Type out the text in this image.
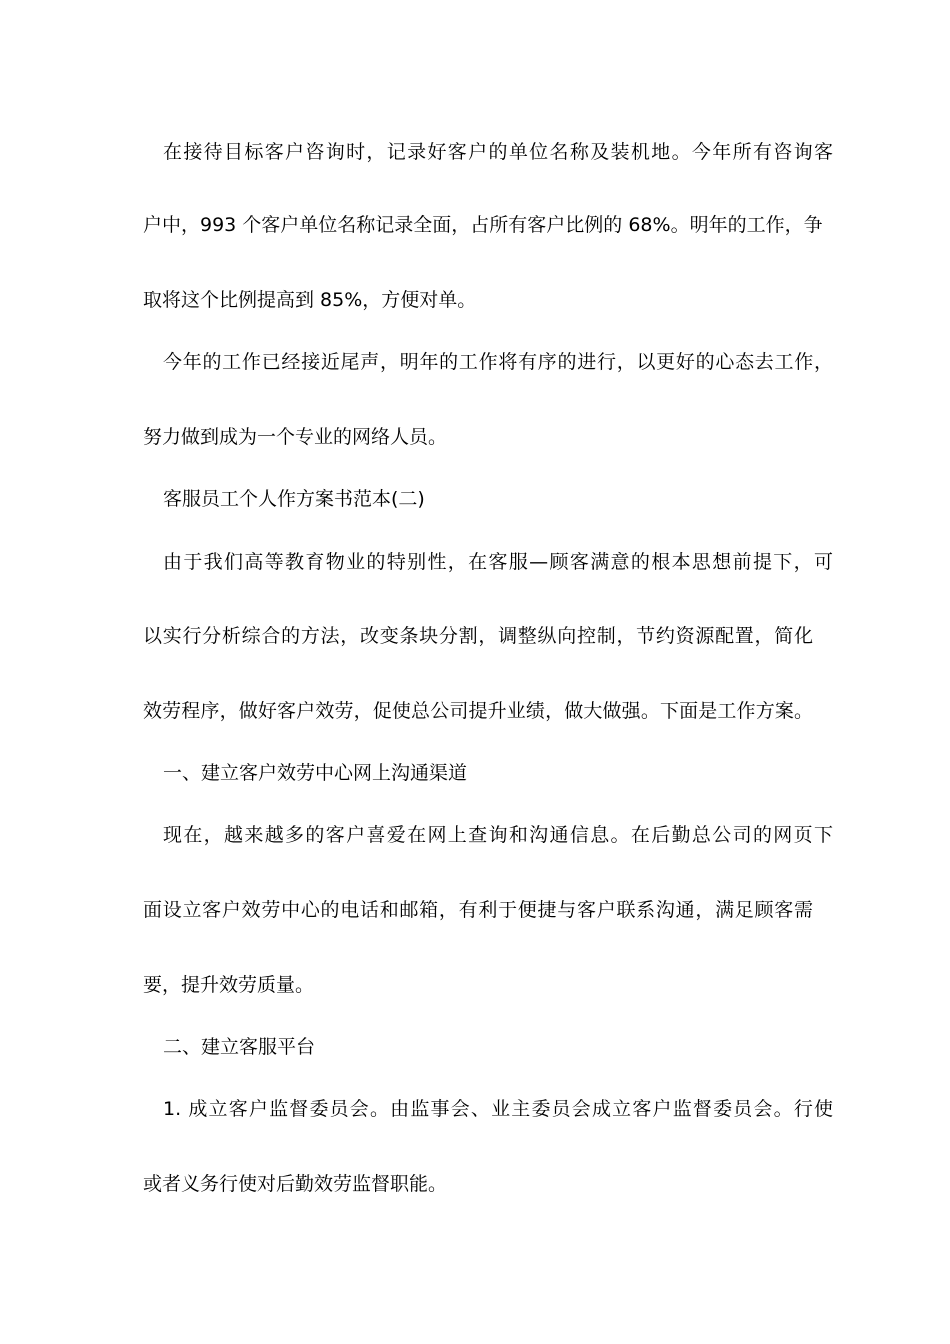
在接待目标客户咨询时，记录好客户的单位名称及装机地。今年所有咨询客
户中，993 个客户单位名称记录全面，占所有客户比例的 68%。明年的工作，争
取将这个比例提高到 85%，方便对单。
今年的工作已经接近尾声，明年的工作将有序的进行，以更好的心态去工作，
努力做到成为一个专业的网络人员。
客服员工个人作方案书范本(二)
由于我们高等教育物业的特别性，在客服—顾客满意的根本思想前提下，可
以实行分析综合的方法，改变条块分割，调整纵向控制，节约资源配置，简化
效劳程序，做好客户效劳，促使总公司提升业绩，做大做强。下面是工作方案。
一、建立客户效劳中心网上沟通渠道
现在，越来越多的客户喜爱在网上查询和沟通信息。在后勤总公司的网页下
面设立客户效劳中心的电话和邮箱，有利于便捷与客户联系沟通，满足顾客需
要，提升效劳质量。
二、建立客服平台
1. 成立客户监督委员会。由监事会、业主委员会成立客户监督委员会。行使
或者义务行使对后勤效劳监督职能。
